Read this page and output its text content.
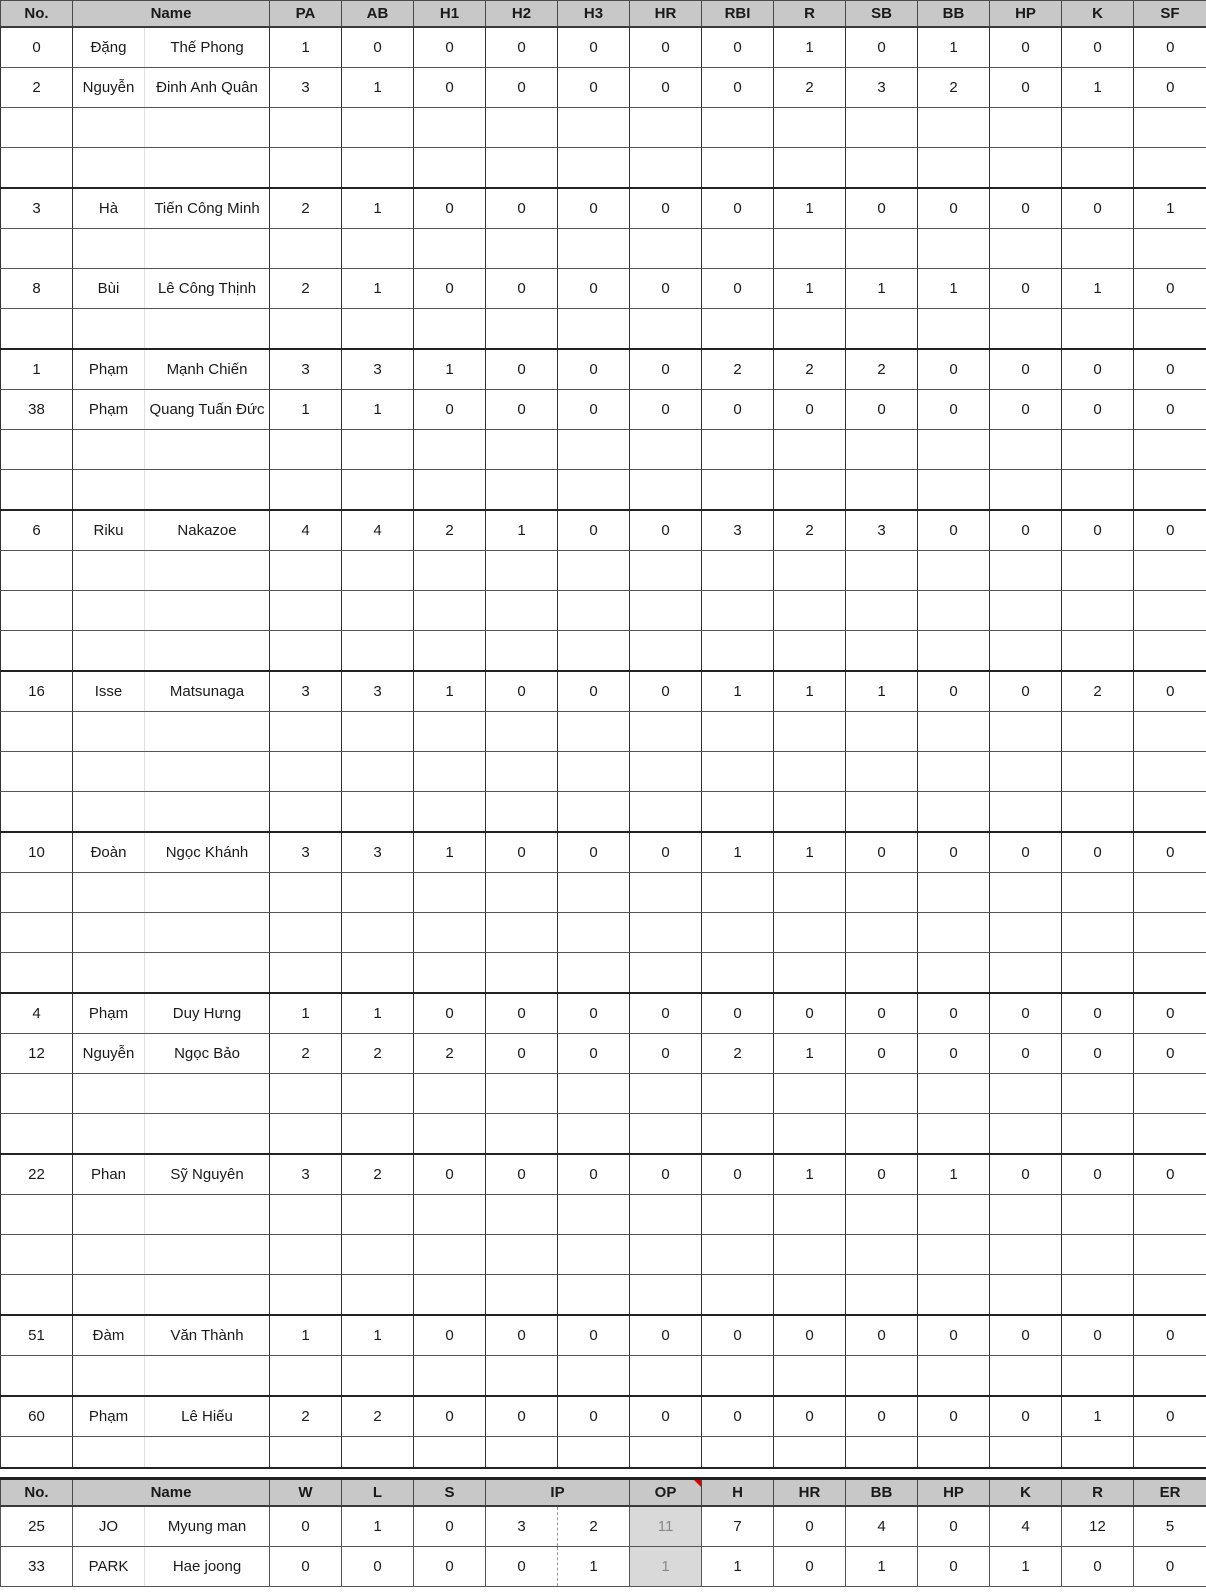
No.	Name		PA	AB	H1	H2	H3	HR	RBI	R	SB	BB	HP	K	SF
0	Đặng	Thế Phong	1	0	0	0	0	0	0	1	0	1	0	0	0
2	Nguyễn	Đinh Anh Quân	3	1	0	0	0	0	0	2	3	2	0	1	0

3	Hà	Tiến Công Minh	2	1	0	0	0	0	0	1	0	0	0	0	1

8	Bùi	Lê Công Thịnh	2	1	0	0	0	0	0	1	1	1	0	1	0

1	Phạm	Mạnh Chiến	3	3	1	0	0	0	2	2	2	0	0	0	0
38	Phạm	Quang Tuấn Đức	1	1	0	0	0	0	0	0	0	0	0	0	0

6	Riku	Nakazoe	4	4	2	1	0	0	3	2	3	0	0	0	0

16	Isse	Matsunaga	3	3	1	0	0	0	1	1	1	0	0	2	0

10	Đoàn	Ngọc Khánh	3	3	1	0	0	0	1	1	0	0	0	0	0

4	Phạm	Duy Hưng	1	1	0	0	0	0	0	0	0	0	0	0	0
12	Nguyễn	Ngọc Bảo	2	2	2	0	0	0	2	1	0	0	0	0	0

22	Phan	Sỹ Nguyên	3	2	0	0	0	0	0	1	0	1	0	0	0

51	Đàm	Văn Thành	1	1	0	0	0	0	0	0	0	0	0	0	0

60	Phạm	Lê Hiếu	2	2	0	0	0	0	0	0	0	0	0	1	0

No.	Name		W	L	S	IP		OP	H	HR	BB	HP	K	R	ER
25	JO	Myung man	0	1	0	3	2	11	7	0	4	0	4	12	5
33	PARK	Hae joong	0	0	0	0	1	1	1	0	1	0	1	0	0
